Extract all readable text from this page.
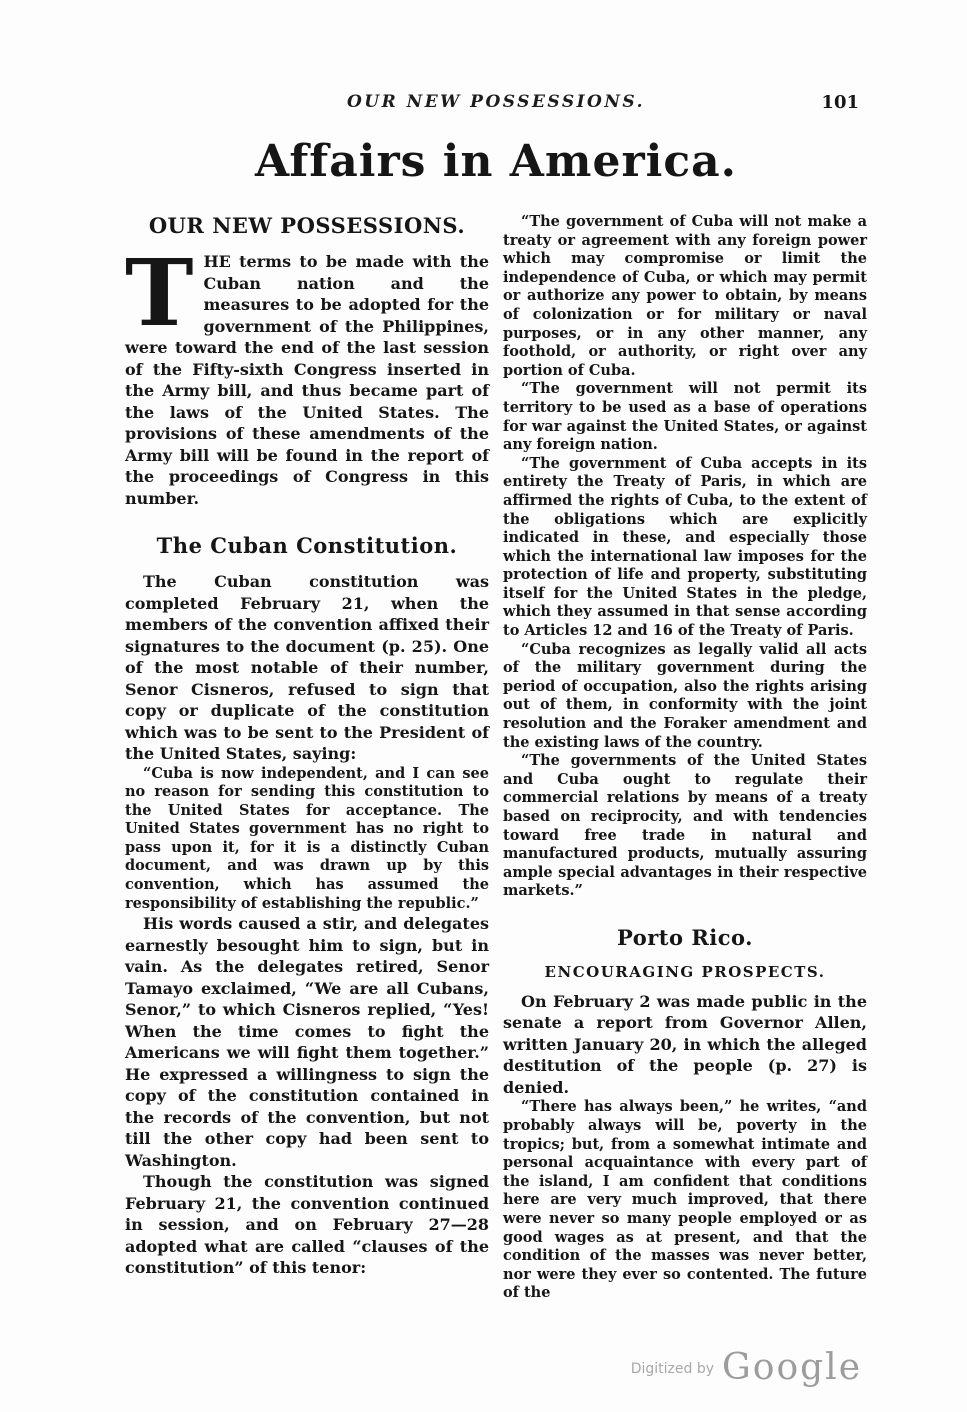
OUR NEW POSSESSIONS.	101
Affairs in America.
OUR NEW POSSESSIONS.

THE terms to be made with the Cuban nation and the measures to be adopted for the government of the Philippines, were toward the end of the last session of the Fifty-sixth Congress inserted in the Army bill, and thus became part of the laws of the United States. The provisions of these amendments of the Army bill will be found in the report of the proceedings of Congress in this number.

The Cuban Constitution.

The Cuban constitution was completed February 21, when the members of the convention affixed their signatures to the document (p. 25). One of the most notable of their number, Senor Cisneros, refused to sign that copy or duplicate of the constitution which was to be sent to the President of the United States, saying:

“Cuba is now independent, and I can see no reason for sending this constitution to the United States for acceptance. The United States government has no right to pass upon it, for it is a distinctly Cuban document, and was drawn up by this convention, which has assumed the responsibility of establishing the republic.”

His words caused a stir, and delegates earnestly besought him to sign, but in vain. As the delegates retired, Senor Tamayo exclaimed, “We are all Cubans, Senor,” to which Cisneros replied, “Yes! When the time comes to fight the Americans we will fight them together.” He expressed a willingness to sign the copy of the constitution contained in the records of the convention, but not till the other copy had been sent to Washington.

Though the constitution was signed February 21, the convention continued in session, and on February 27—28 adopted what are called “clauses of the constitution” of this tenor:

“The government of Cuba will not make a treaty or agreement with any foreign power which may compromise or limit the independence of Cuba, or which may permit or authorize any power to obtain, by means of colonization or for military or naval purposes, or in any other manner, any foothold, or authority, or right over any portion of Cuba.

“The government will not permit its territory to be used as a base of operations for war against the United States, or against any foreign nation.

“The government of Cuba accepts in its entirety the Treaty of Paris, in which are affirmed the rights of Cuba, to the extent of the obligations which are explicitly indicated in these, and especially those which the international law imposes for the protection of life and property, substituting itself for the United States in the pledge, which they assumed in that sense according to Articles 12 and 16 of the Treaty of Paris.

“Cuba recognizes as legally valid all acts of the military government during the period of occupation, also the rights arising out of them, in conformity with the joint resolution and the Foraker amendment and the existing laws of the country.

“The governments of the United States and Cuba ought to regulate their commercial relations by means of a treaty based on reciprocity, and with tendencies toward free trade in natural and manufactured products, mutually assuring ample special advantages in their respective markets.”

Porto Rico.
ENCOURAGING PROSPECTS.

On February 2 was made public in the senate a report from Governor Allen, written January 20, in which the alleged destitution of the people (p. 27) is denied.

“There has always been,” he writes, “and probably always will be, poverty in the tropics; but, from a somewhat intimate and personal acquaintance with every part of the island, I am confident that conditions here are very much improved, that there were never so many people employed or as good wages as at present, and that the condition of the masses was never better, nor were they ever so contented. The future of the

Digitized by Google
